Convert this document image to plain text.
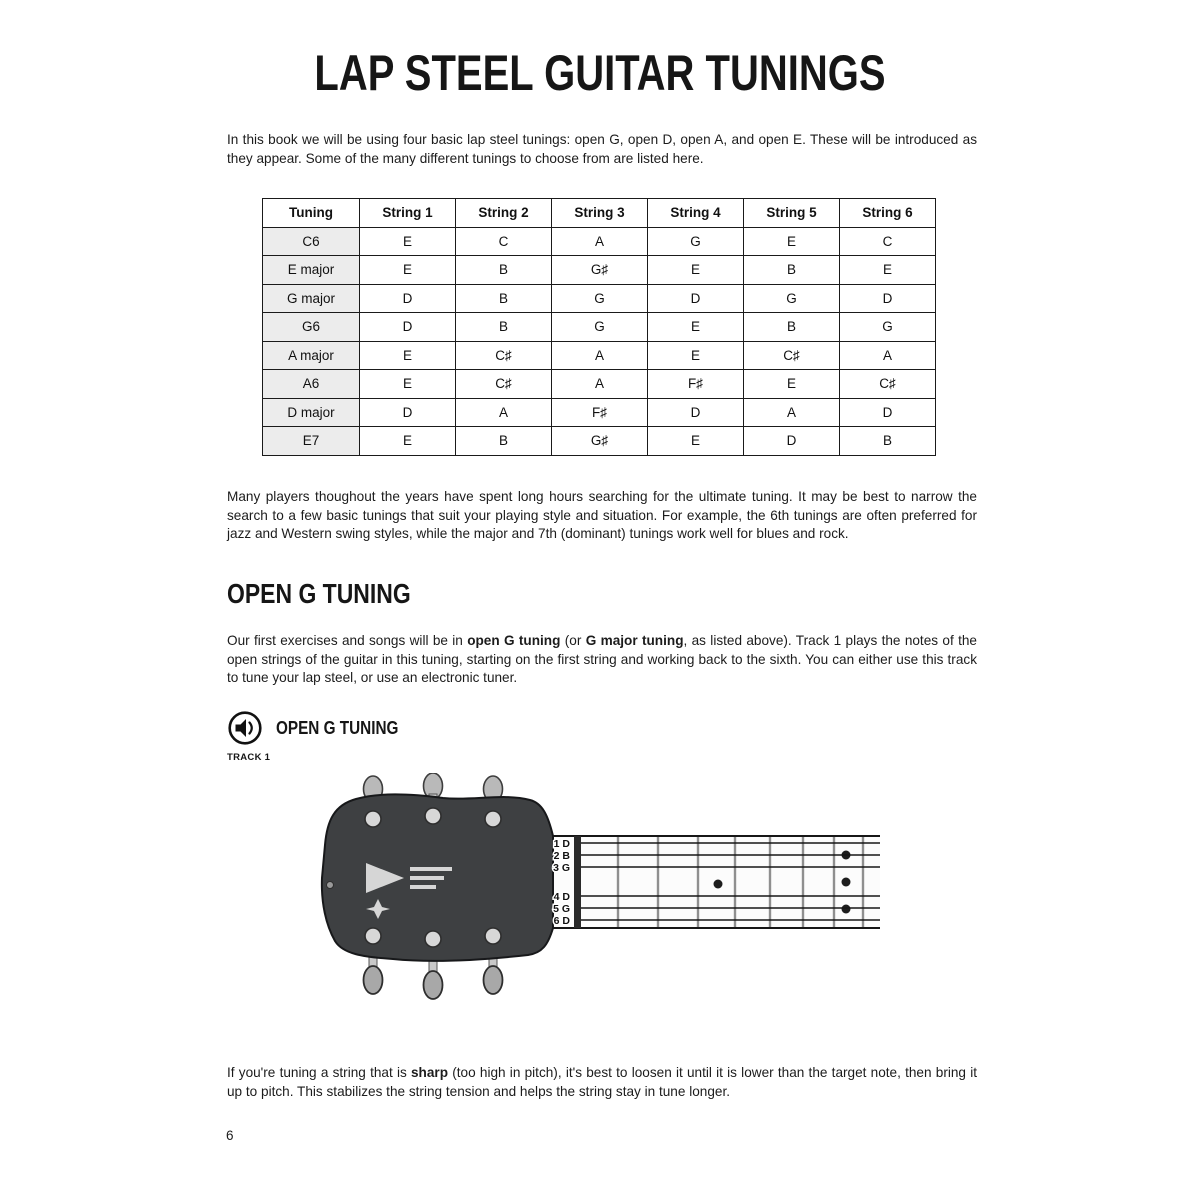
LAP STEEL GUITAR TUNINGS
In this book we will be using four basic lap steel tunings: open G, open D, open A, and open E. These will be introduced as they appear. Some of the many different tunings to choose from are listed here.
Tuning	String 1	String 2	String 3	String 4	String 5	String 6
C6	E	C	A	G	E	C
E major	E	B	G♯	E	B	E
G major	D	B	G	D	G	D
G6	D	B	G	E	B	G
A major	E	C♯	A	E	C♯	A
A6	E	C♯	A	F♯	E	C♯
D major	D	A	F♯	D	A	D
E7	E	B	G♯	E	D	B
Many players thoughout the years have spent long hours searching for the ultimate tuning. It may be best to narrow the search to a few basic tunings that suit your playing style and situation. For example, the 6th tunings are often preferred for jazz and Western swing styles, while the major and 7th (dominant) tunings work well for blues and rock.
OPEN G TUNING
Our first exercises and songs will be in open G tuning (or G major tuning, as listed above). Track 1 plays the notes of the open strings of the guitar in this tuning, starting on the first string and working back to the sixth. You can either use this track to tune your lap steel, or use an electronic tuner.
OPEN G TUNING
TRACK 1
1 D
2 B
3 G
4 D
5 G
6 D
If you're tuning a string that is sharp (too high in pitch), it's best to loosen it until it is lower than the target note, then bring it up to pitch. This stabilizes the string tension and helps the string stay in tune longer.
6
